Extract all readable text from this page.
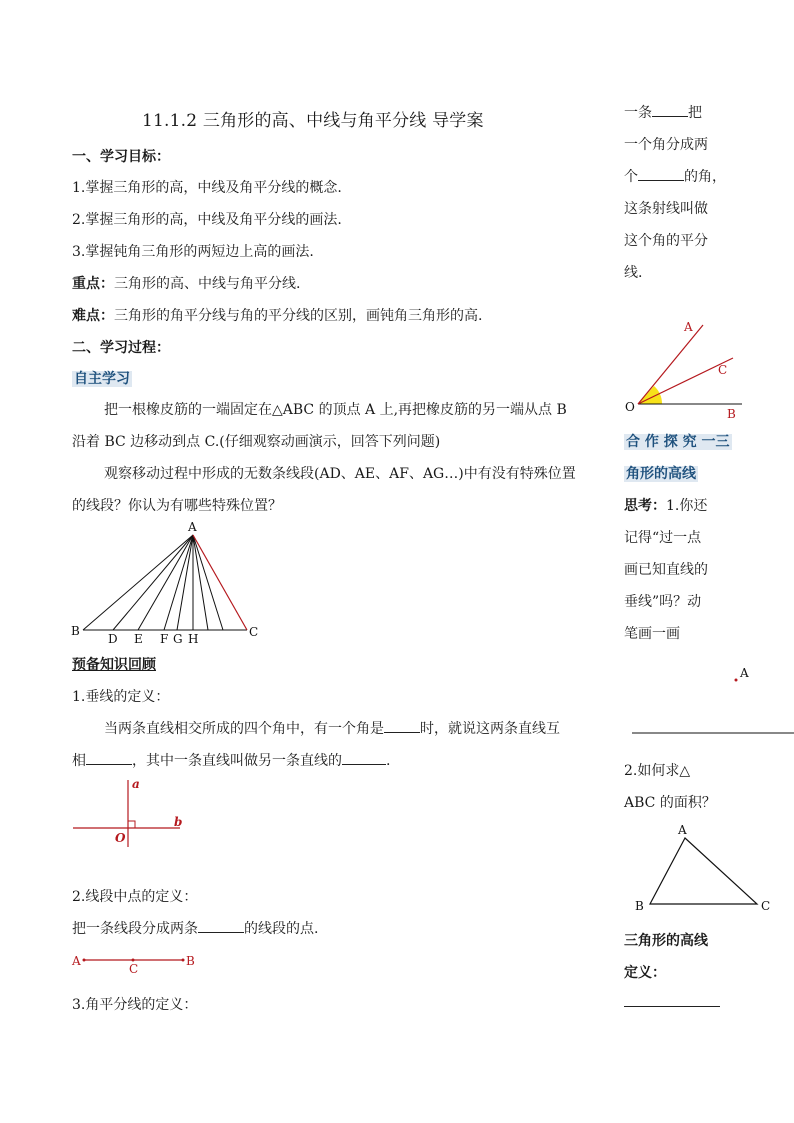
11.1.2 三角形的高、中线与角平分线 导学案
一、学习目标：
1.掌握三角形的高，中线及角平分线的概念.
2.掌握三角形的高，中线及角平分线的画法.
3.掌握钝角三角形的两短边上高的画法.
重点：三角形的高、中线与角平分线.
难点：三角形的角平分线与角的平分线的区别，画钝角三角形的高.
二、学习过程：
自主学习
把一根橡皮筋的一端固定在△ABC 的顶点 A 上,再把橡皮筋的另一端从点 B
沿着 BC 边移动到点 C.(仔细观察动画演示，回答下列问题)
观察移动过程中形成的无数条线段(AD、AE、AF、AG…)中有没有特殊位置
的线段？你认为有哪些特殊位置？
A
B	C
D E F G H
预备知识回顾
1.垂线的定义：
当两条直线相交所成的四个角中，有一个角是	时，就说这两条直线互
相	，其中一条直线叫做另一条直线的	.
a
b
O
2.线段中点的定义：
把一条线段分成两条	的线段的点.
A
C
B
3.角平分线的定义：
一条	把
一个角分成两
个	的角，
这条射线叫做
这个角的平分
线.
A
C
O	B
合 作 探 究 一三
角形的高线
思考：1.你还
记得“过一点
画已知直线的
垂线”吗？动
笔画一画
A
2.如何求△
ABC 的面积？
A
B	C
三角形的高线
定义：
